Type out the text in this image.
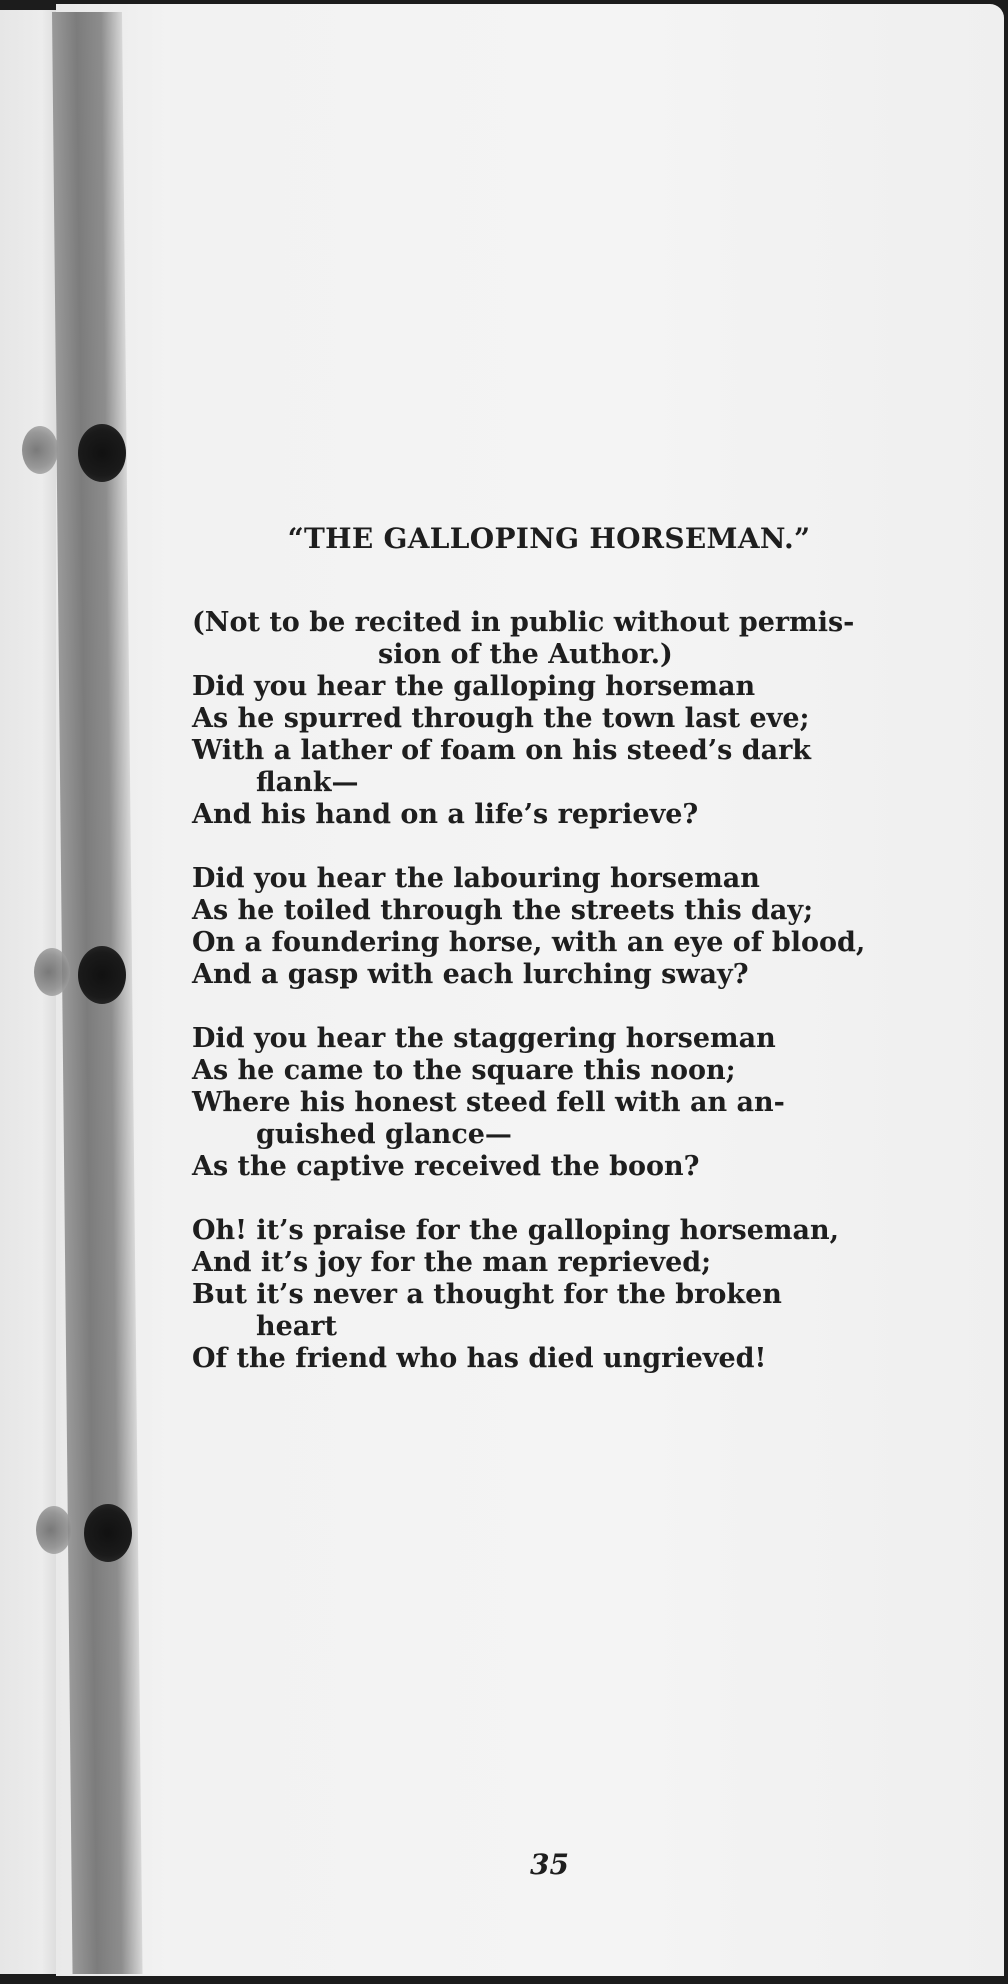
“THE GALLOPING HORSEMAN.”
(Not to be recited in public without permis-
sion of the Author.)
Did you hear the galloping horseman
As he spurred through the town last eve;
With a lather of foam on his steed’s dark
flank—
And his hand on a life’s reprieve?
Did you hear the labouring horseman
As he toiled through the streets this day;
On a foundering horse, with an eye of blood,
And a gasp with each lurching sway?
Did you hear the staggering horseman
As he came to the square this noon;
Where his honest steed fell with an an-
guished glance—
As the captive received the boon?
Oh! it’s praise for the galloping horseman,
And it’s joy for the man reprieved;
But it’s never a thought for the broken
heart
Of the friend who has died ungrieved!
35
